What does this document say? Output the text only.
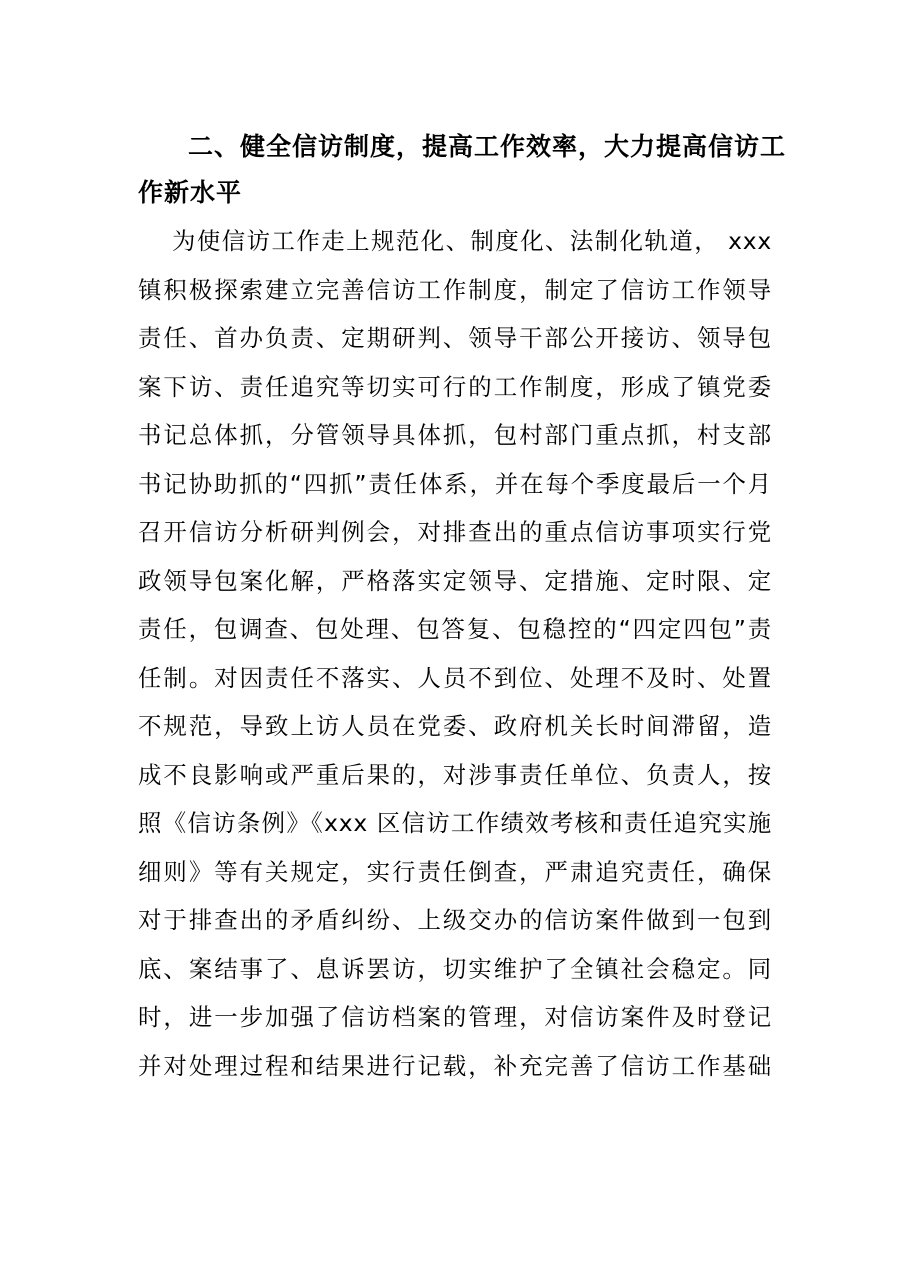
二、健全信访制度，提高工作效率，大力提高信访工
作新水平
为使信访工作走上规范化、制度化、法制化轨道， xxx
镇积极探索建立完善信访工作制度，制定了信访工作领导
责任、首办负责、定期研判、领导干部公开接访、领导包
案下访、责任追究等切实可行的工作制度，形成了镇党委
书记总体抓，分管领导具体抓，包村部门重点抓，村支部
书记协助抓的“四抓”责任体系，并在每个季度最后一个月
召开信访分析研判例会，对排查出的重点信访事项实行党
政领导包案化解，严格落实定领导、定措施、定时限、定
责任，包调查、包处理、包答复、包稳控的“四定四包”责
任制。对因责任不落实、人员不到位、处理不及时、处置
不规范，导致上访人员在党委、政府机关长时间滞留，造
成不良影响或严重后果的，对涉事责任单位、负责人，按
照《信访条例》《xxx 区信访工作绩效考核和责任追究实施
细则》等有关规定，实行责任倒查，严肃追究责任，确保
对于排查出的矛盾纠纷、上级交办的信访案件做到一包到
底、案结事了、息诉罢访，切实维护了全镇社会稳定。同
时，进一步加强了信访档案的管理，对信访案件及时登记
并对处理过程和结果进行记载，补充完善了信访工作基础
